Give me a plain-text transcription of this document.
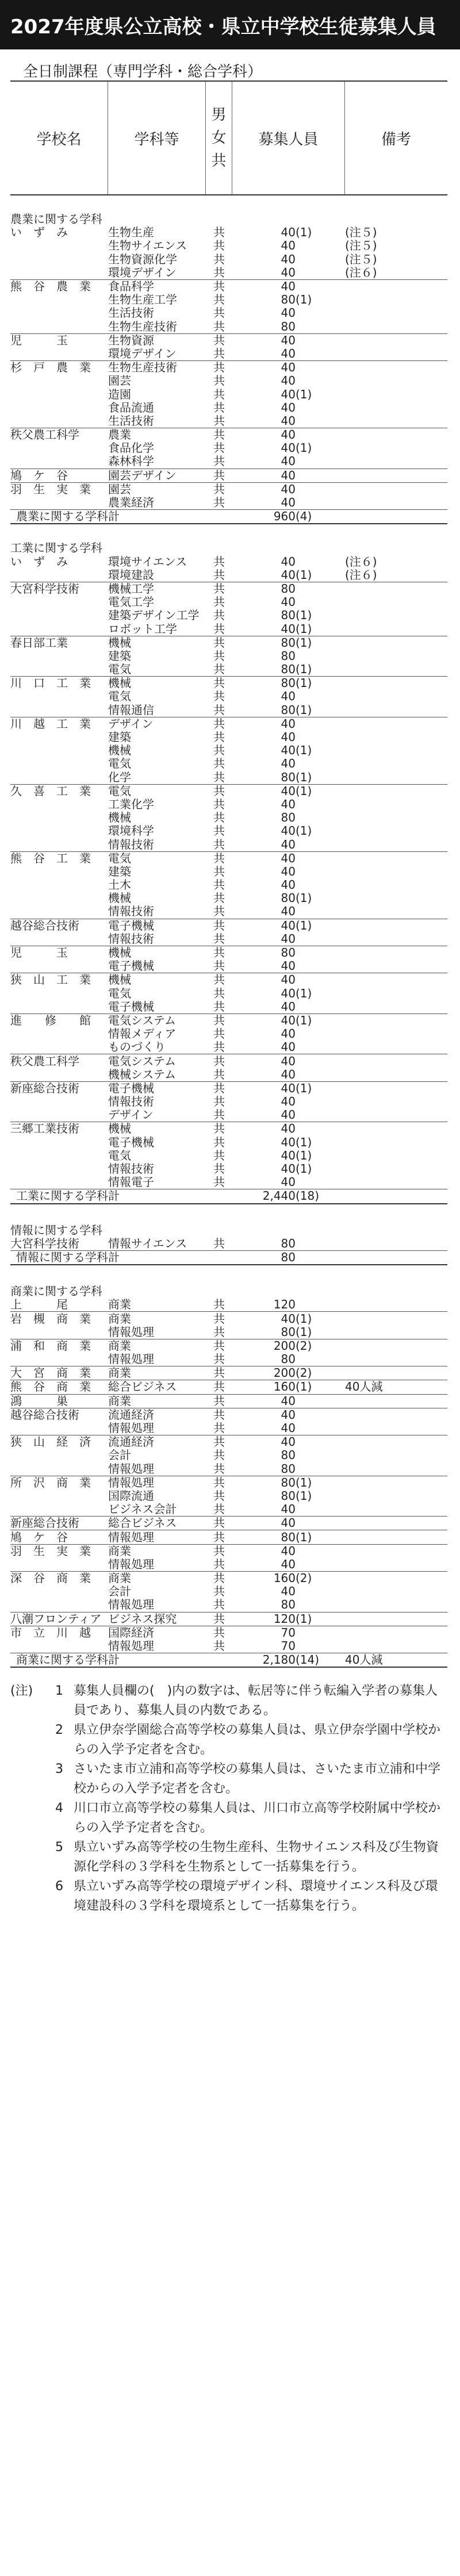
2027年度県公立高校・県立中学校生徒募集人員
全日制課程（専門学科・総合学科）
学校名	学科等
男
女
共
募集人員	備考
農業に関する学科					
い　ず　み	生物生産	共	40	(1)	(注５)
	生物サイエンス	共	40		(注５)
	生物資源化学	共	40		(注５)
	環境デザイン	共	40		(注６)
熊　谷　農　業	食品科学	共	40		
	生物生産工学	共	80	(1)	
	生活技術	共	40		
	生物生産技術	共	80		
児　　　玉	生物資源	共	40		
	環境デザイン	共	40		
杉　戸　農　業	生物生産技術	共	40		
	園芸	共	40		
	造園	共	40	(1)	
	食品流通	共	40		
	生活技術	共	40		
秩父農工科学	農業	共	40		
	食品化学	共	40	(1)	
	森林科学	共	40		
鳩　ケ　谷	園芸デザイン	共	40		
羽　生　実　業	園芸	共	40		
	農業経済	共	40		
農業に関する学科計			960	(4)	
工業に関する学科					
い　ず　み	環境サイエンス	共	40		(注６)
	環境建設	共	40	(1)	(注６)
大宮科学技術	機械工学	共	80		
	電気工学	共	40		
	建築デザイン工学	共	80	(1)	
	ロボット工学	共	40	(1)	
春日部工業	機械	共	80	(1)	
	建築	共	80		
	電気	共	80	(1)	
川　口　工　業	機械	共	80	(1)	
	電気	共	40		
	情報通信	共	80	(1)	
川　越　工　業	デザイン	共	40		
	建築	共	40		
	機械	共	40	(1)	
	電気	共	40		
	化学	共	80	(1)	
久　喜　工　業	電気	共	40	(1)	
	工業化学	共	40		
	機械	共	80		
	環境科学	共	40	(1)	
	情報技術	共	40		
熊　谷　工　業	電気	共	40		
	建築	共	40		
	土木	共	40		
	機械	共	80	(1)	
	情報技術	共	40		
越谷総合技術	電子機械	共	40	(1)	
	情報技術	共	40		
児　　　玉	機械	共	80		
	電子機械	共	40		
狭　山　工　業	機械	共	40		
	電気	共	40	(1)	
	電子機械	共	40		
進　　修　　館	電気システム	共	40	(1)	
	情報メディア	共	40		
	ものづくり	共	40		
秩父農工科学	電気システム	共	40		
	機械システム	共	40		
新座総合技術	電子機械	共	40	(1)	
	情報技術	共	40		
	デザイン	共	40		
三郷工業技術	機械	共	40		
	電子機械	共	40	(1)	
	電気	共	40	(1)	
	情報技術	共	40	(1)	
	情報電子	共	40		
工業に関する学科計			2,440	(18)	
情報に関する学科					
大宮科学技術	情報サイエンス	共	80		
情報に関する学科計			80		
商業に関する学科					
上　　　尾	商業	共	120		
岩　槻　商　業	商業	共	40	(1)	
	情報処理	共	80	(1)	
浦　和　商　業	商業	共	200	(2)	
	情報処理	共	80		
大　宮　商　業	商業	共	200	(2)	
熊　谷　商　業	総合ビジネス	共	160	(1)	40人減
鴻　　　巣	商業	共	40		
越谷総合技術	流通経済	共	40		
	情報処理	共	40		
狭　山　経　済	流通経済	共	40		
	会計	共	80		
	情報処理	共	80		
所　沢　商　業	情報処理	共	80	(1)	
	国際流通	共	80	(1)	
	ビジネス会計	共	40		
新座総合技術	総合ビジネス	共	40		
鳩　ケ　谷	情報処理	共	80	(1)	
羽　生　実　業	商業	共	40		
	情報処理	共	40		
深　谷　商　業	商業	共	160	(2)	
	会計	共	40		
	情報処理	共	80		
八潮フロンティア	ビジネス探究	共	120	(1)	
市　立　川　越	国際経済	共	70		
	情報処理	共	70		
商業に関する学科計			2,180	(14)	40人減
(注)	1 募集人員欄の(　)内の数字は、転居等に伴う転編入学者の募集人員であり、募集人員の内数である。
2 県立伊奈学園総合高等学校の募集人員は、県立伊奈学園中学校からの入学予定者を含む。
3 さいたま市立浦和高等学校の募集人員は、さいたま市立浦和中学校からの入学予定者を含む。
4 川口市立高等学校の募集人員は、川口市立高等学校附属中学校からの入学予定者を含む。
5 県立いずみ高等学校の生物生産科、生物サイエンス科及び生物資源化学科の３学科を生物系として一括募集を行う。
6 県立いずみ高等学校の環境デザイン科、環境サイエンス科及び環境建設科の３学科を環境系として一括募集を行う。
